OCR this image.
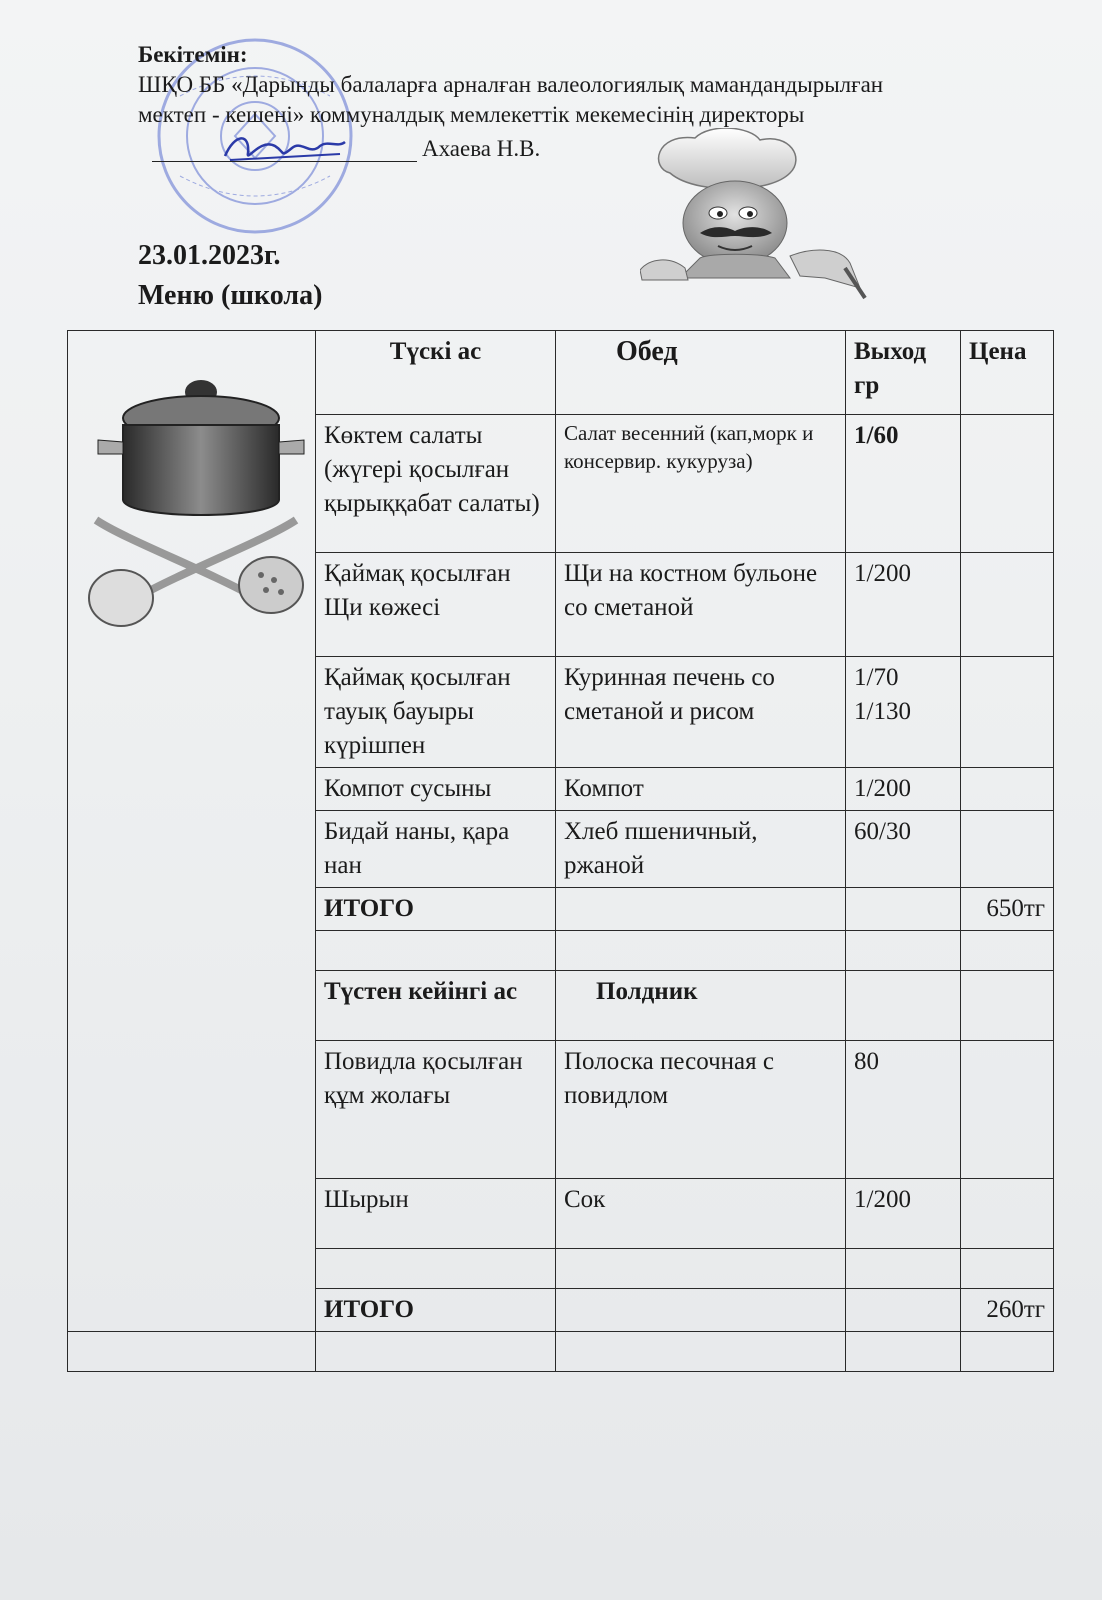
Бекітемін:
ШҚО ББ «Дарынды балаларға арналған валеологиялық мамандандырылған
мектеп - кешені» коммуналдық мемлекеттік мекемесінің директоры
Ахаева Н.В.
23.01.2023г.
Меню (школа)
	Түскі ас	Обед	Выход гр	Цена
	Көктем салаты (жүгері қосылған қырыққабат салаты)	Салат весенний (кап,морк и консервир. кукуруза)	1/60	
	Қаймақ қосылған Щи көжесі	Щи на костном бульоне со сметаной	1/200	
	Қаймақ қосылған тауық бауыры күрішпен	Куринная печень со сметаной и рисом	1/70 1/130	
	Компот сусыны	Компот	1/200	
	Бидай наны, қара нан	Хлеб пшеничный, ржаной	60/30	
	ИТОГО			650тг

	Түстен кейінгі ас	Полдник		
	Повидла қосылған құм жолағы	Полоска песочная с повидлом	80	
	Шырын	Сок	1/200	

	ИТОГО			260тг
